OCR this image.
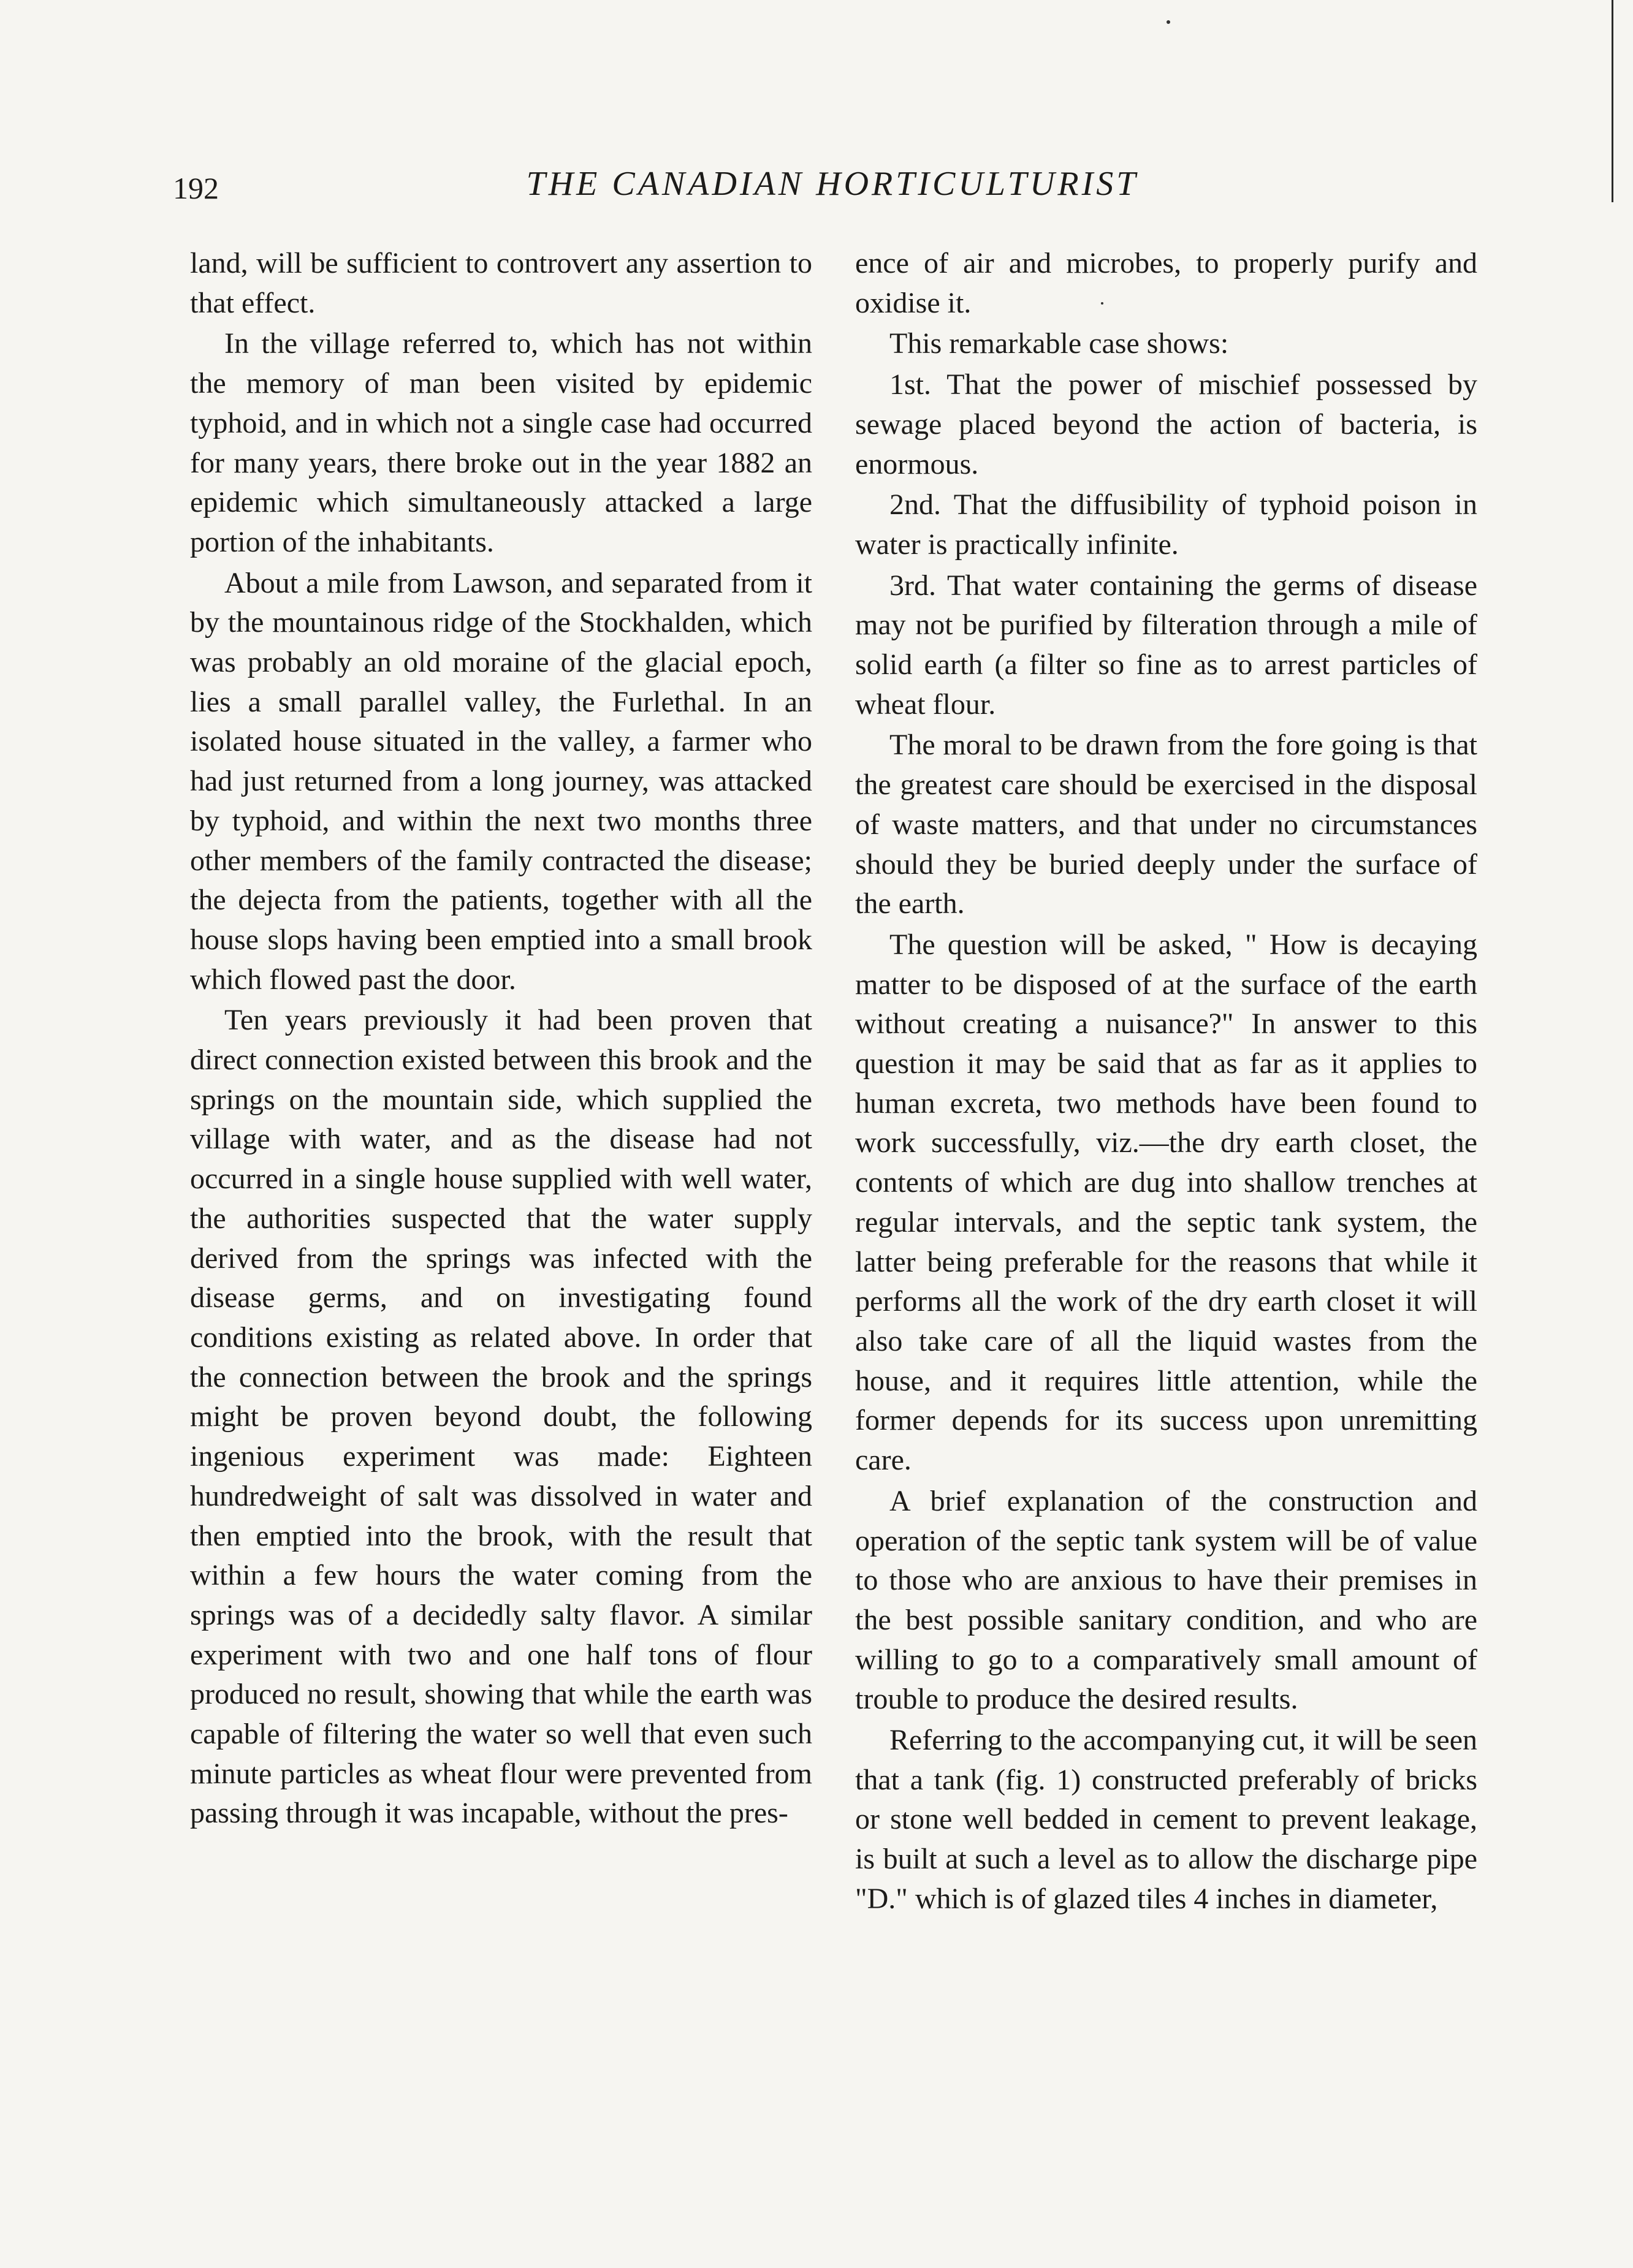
192	THE CANADIAN HORTICULTURIST

land, will be sufficient to controvert any assertion to that effect.

In the village referred to, which has not within the memory of man been visited by epidemic typhoid, and in which not a single case had occurred for many years, there broke out in the year 1882 an epidemic which simultaneously attacked a large portion of the inhabitants.

About a mile from Lawson, and separated from it by the mountainous ridge of the Stockhalden, which was probably an old moraine of the glacial epoch, lies a small parallel valley, the Furlethal. In an isolated house situated in the valley, a farmer who had just returned from a long journey, was attacked by typhoid, and within the next two months three other members of the family contracted the disease; the dejecta from the patients, together with all the house slops having been emptied into a small brook which flowed past the door.

Ten years previously it had been proven that direct connection existed between this brook and the springs on the mountain side, which supplied the village with water, and as the disease had not occurred in a single house supplied with well water, the authorities suspected that the water supply derived from the springs was infected with the disease germs, and on investigating found conditions existing as related above. In order that the connection between the brook and the springs might be proven beyond doubt, the following ingenious experiment was made: Eighteen hundredweight of salt was dissolved in water and then emptied into the brook, with the result that within a few hours the water coming from the springs was of a decidedly salty flavor. A similar experiment with two and one half tons of flour produced no result, showing that while the earth was capable of filtering the water so well that even such minute particles as wheat flour were prevented from passing through it was incapable, without the pres-

ence of air and microbes, to properly purify and oxidise it.

This remarkable case shows:

1st. That the power of mischief possessed by sewage placed beyond the action of bacteria, is enormous.

2nd. That the diffusibility of typhoid poison in water is practically infinite.

3rd. That water containing the germs of disease may not be purified by filteration through a mile of solid earth (a filter so fine as to arrest particles of wheat flour.

The moral to be drawn from the fore going is that the greatest care should be exercised in the disposal of waste matters, and that under no circumstances should they be buried deeply under the surface of the earth.

The question will be asked, " How is decaying matter to be disposed of at the surface of the earth without creating a nuisance?" In answer to this question it may be said that as far as it applies to human excreta, two methods have been found to work successfully, viz.—the dry earth closet, the contents of which are dug into shallow trenches at regular intervals, and the septic tank system, the latter being preferable for the reasons that while it performs all the work of the dry earth closet it will also take care of all the liquid wastes from the house, and it requires little attention, while the former depends for its success upon unremitting care.

A brief explanation of the construction and operation of the septic tank system will be of value to those who are anxious to have their premises in the best possible sanitary condition, and who are willing to go to a comparatively small amount of trouble to produce the desired results.

Referring to the accompanying cut, it will be seen that a tank (fig. 1) constructed preferably of bricks or stone well bedded in cement to prevent leakage, is built at such a level as to allow the discharge pipe "D." which is of glazed tiles 4 inches in diameter,
